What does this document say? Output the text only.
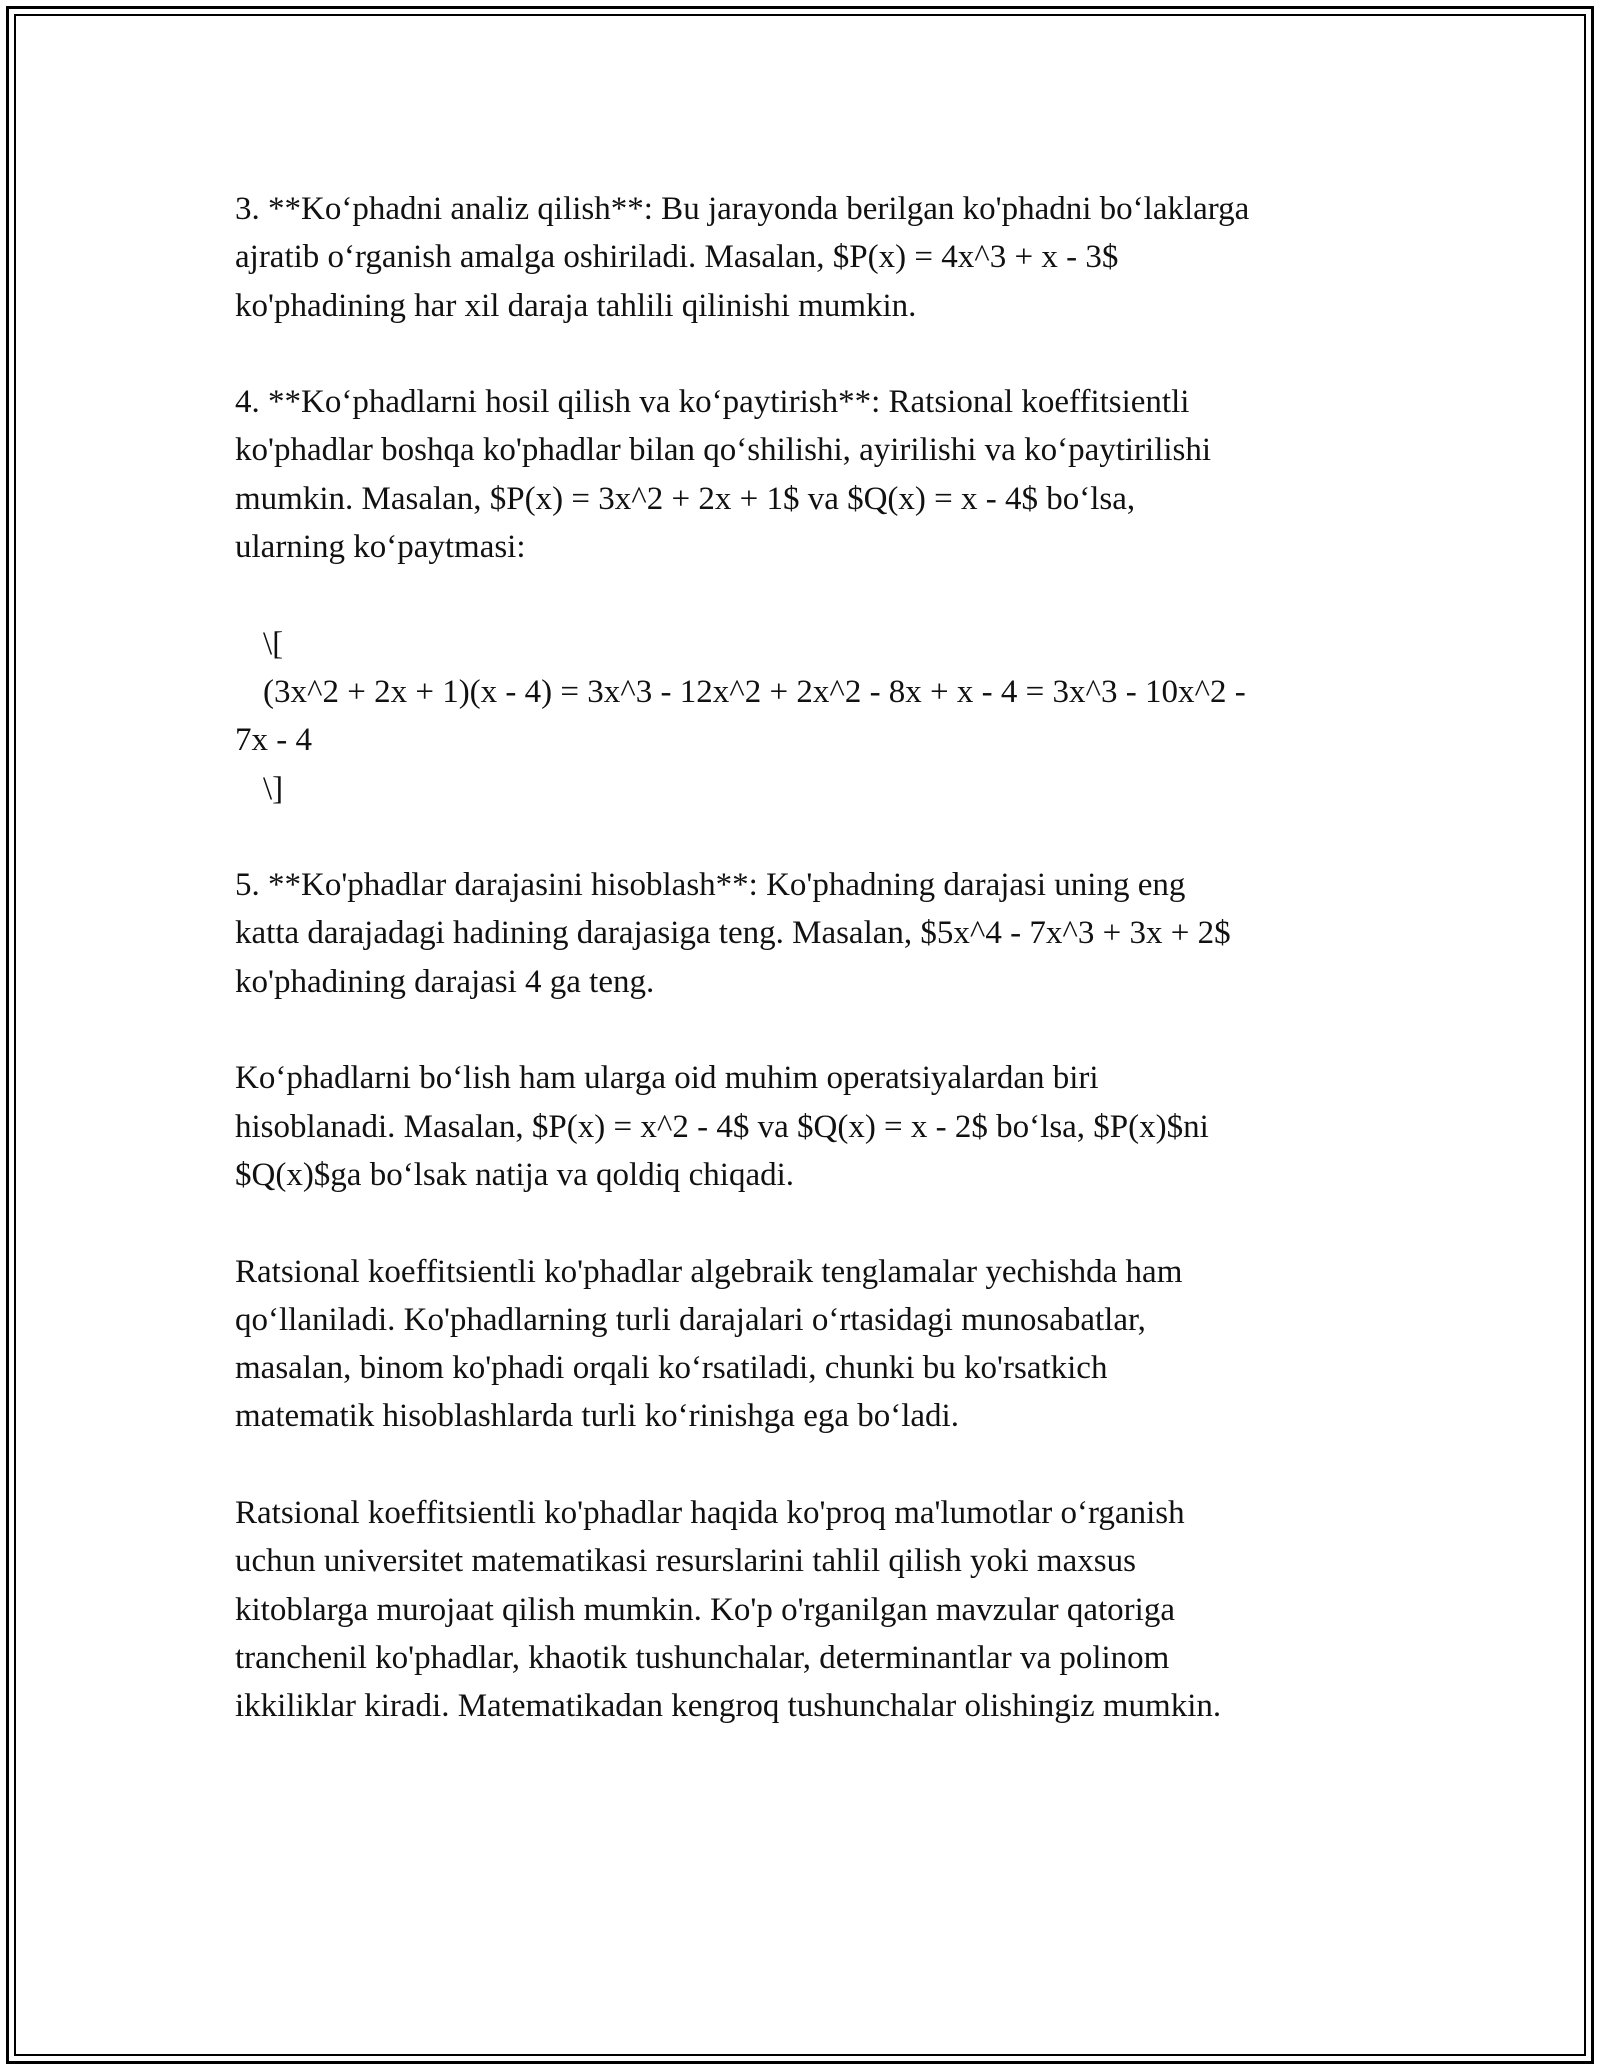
3. **Ko‘phadni analiz qilish**: Bu jarayonda berilgan ko'phadni bo‘laklarga
ajratib o‘rganish amalga oshiriladi. Masalan, $P(x) = 4x^3 + x - 3$
ko'phadining har xil daraja tahlili qilinishi mumkin.

4. **Ko‘phadlarni hosil qilish va ko‘paytirish**: Ratsional koeffitsientli
ko'phadlar boshqa ko'phadlar bilan qo‘shilishi, ayirilishi va ko‘paytirilishi
mumkin. Masalan, $P(x) = 3x^2 + 2x + 1$ va $Q(x) = x - 4$ bo‘lsa,
ularning ko‘paytmasi:

\[
(3x^2 + 2x + 1)(x - 4) = 3x^3 - 12x^2 + 2x^2 - 8x + x - 4 = 3x^3 - 10x^2 -
7x - 4
\]

5. **Ko'phadlar darajasini hisoblash**: Ko'phadning darajasi uning eng
katta darajadagi hadining darajasiga teng. Masalan, $5x^4 - 7x^3 + 3x + 2$
ko'phadining darajasi 4 ga teng.

Ko‘phadlarni bo‘lish ham ularga oid muhim operatsiyalardan biri
hisoblanadi. Masalan, $P(x) = x^2 - 4$ va $Q(x) = x - 2$ bo‘lsa, $P(x)$ni
$Q(x)$ga bo‘lsak natija va qoldiq chiqadi.

Ratsional koeffitsientli ko'phadlar algebraik tenglamalar yechishda ham
qo‘llaniladi. Ko'phadlarning turli darajalari o‘rtasidagi munosabatlar,
masalan, binom ko'phadi orqali ko‘rsatiladi, chunki bu ko'rsatkich
matematik hisoblashlarda turli ko‘rinishga ega bo‘ladi.

Ratsional koeffitsientli ko'phadlar haqida ko'proq ma'lumotlar o‘rganish
uchun universitet matematikasi resurslarini tahlil qilish yoki maxsus
kitoblarga murojaat qilish mumkin. Ko'p o'rganilgan mavzular qatoriga
tranchenil ko'phadlar, khaotik tushunchalar, determinantlar va polinom
ikkiliklar kiradi. Matematikadan kengroq tushunchalar olishingiz mumkin.
